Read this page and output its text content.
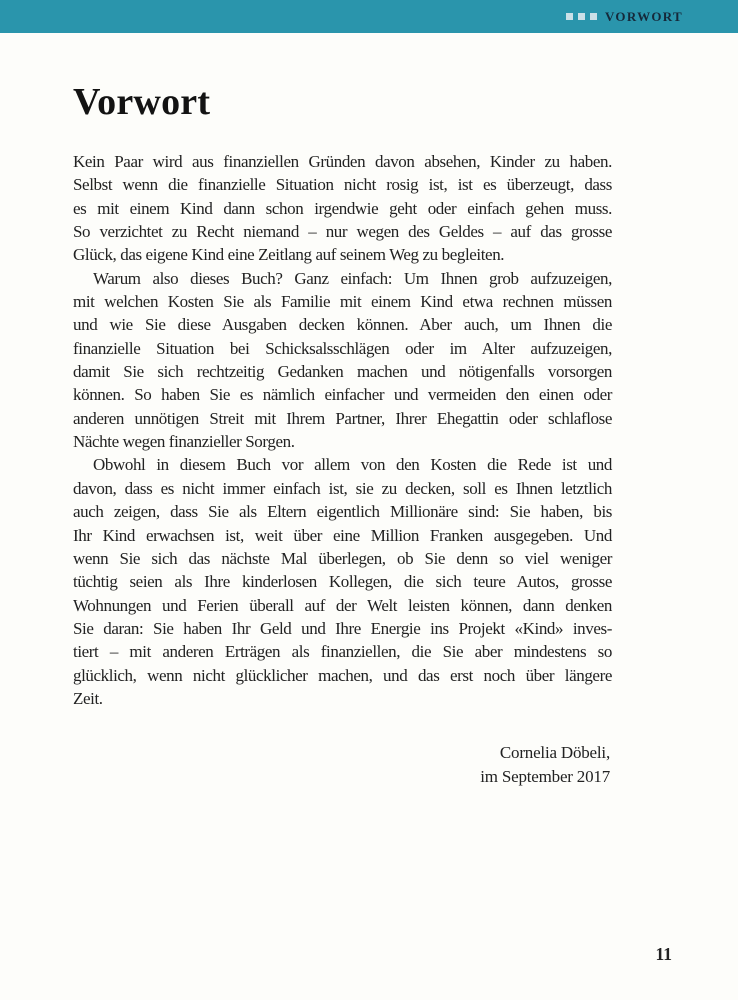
VORWORT
Vorwort
Kein Paar wird aus finanziellen Gründen davon absehen, Kinder zu haben.
Selbst wenn die finanzielle Situation nicht rosig ist, ist es überzeugt, dass
es mit einem Kind dann schon irgendwie geht oder einfach gehen muss.
So verzichtet zu Recht niemand – nur wegen des Geldes – auf das grosse
Glück, das eigene Kind eine Zeitlang auf seinem Weg zu begleiten.
Warum also dieses Buch? Ganz einfach: Um Ihnen grob aufzuzeigen,
mit welchen Kosten Sie als Familie mit einem Kind etwa rechnen müssen
und wie Sie diese Ausgaben decken können. Aber auch, um Ihnen die
finanzielle Situation bei Schicksalsschlägen oder im Alter aufzuzeigen,
damit Sie sich rechtzeitig Gedanken machen und nötigenfalls vorsorgen
können. So haben Sie es nämlich einfacher und vermeiden den einen oder
anderen unnötigen Streit mit Ihrem Partner, Ihrer Ehegattin oder schlaflose
Nächte wegen finanzieller Sorgen.
Obwohl in diesem Buch vor allem von den Kosten die Rede ist und
davon, dass es nicht immer einfach ist, sie zu decken, soll es Ihnen letztlich
auch zeigen, dass Sie als Eltern eigentlich Millionäre sind: Sie haben, bis
Ihr Kind erwachsen ist, weit über eine Million Franken ausgegeben. Und
wenn Sie sich das nächste Mal überlegen, ob Sie denn so viel weniger
tüchtig seien als Ihre kinderlosen Kollegen, die sich teure Autos, grosse
Wohnungen und Ferien überall auf der Welt leisten können, dann denken
Sie daran: Sie haben Ihr Geld und Ihre Energie ins Projekt «Kind» inves-
tiert – mit anderen Erträgen als finanziellen, die Sie aber mindestens so
glücklich, wenn nicht glücklicher machen, und das erst noch über längere
Zeit.
Cornelia Döbeli,
im September 2017
11
